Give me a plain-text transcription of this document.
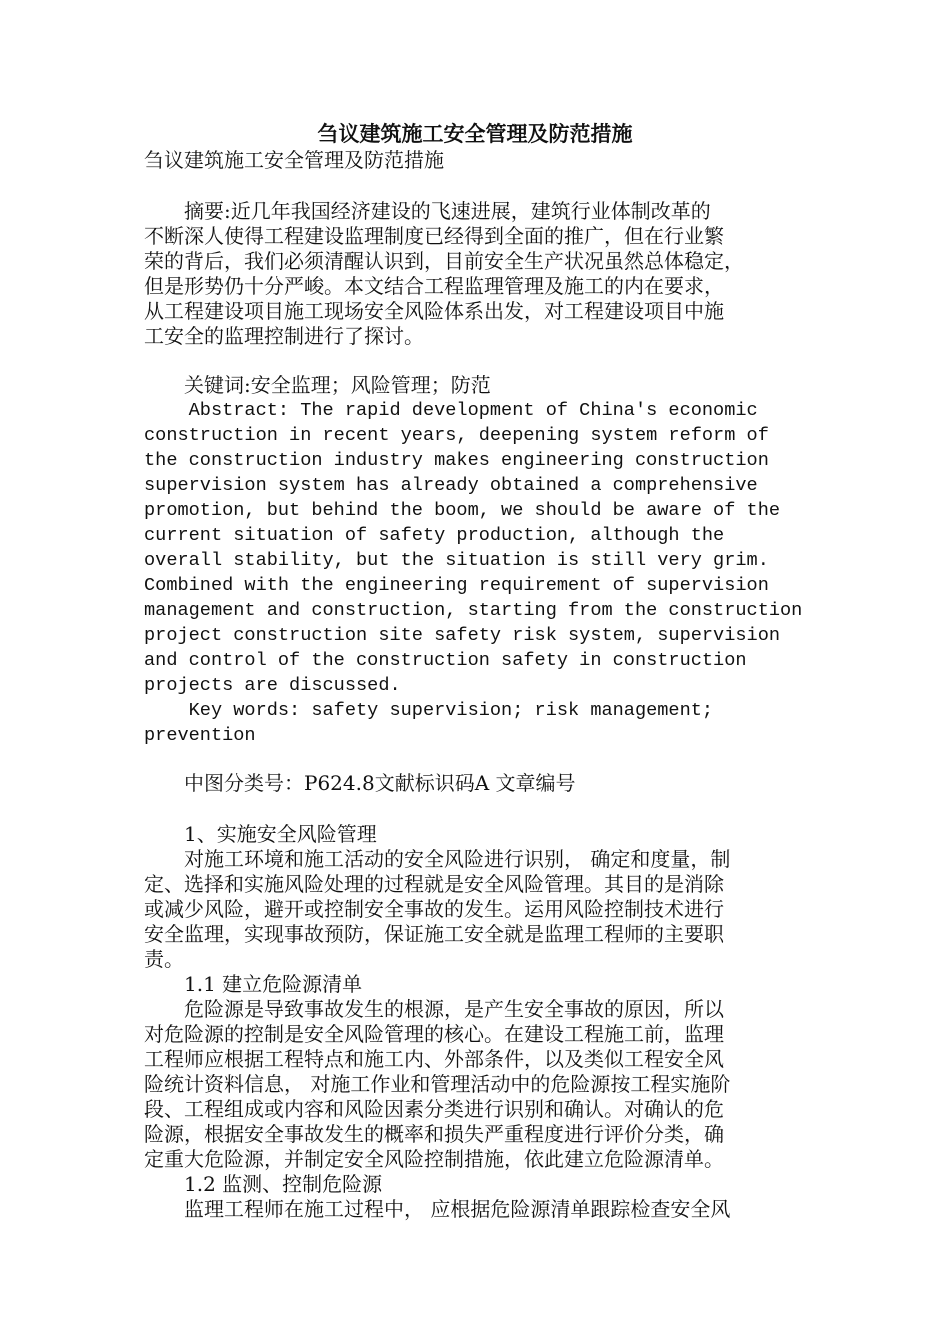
刍议建筑施工安全管理及防范措施
刍议建筑施工安全管理及防范措施
　　摘要:近几年我国经济建设的飞速进展，建筑行业体制改革的
不断深人使得工程建设监理制度已经得到全面的推广，但在行业繁
荣的背后，我们必须清醒认识到，目前安全生产状况虽然总体稳定，
但是形势仍十分严峻。本文结合工程监理管理及施工的内在要求，
从工程建设项目施工现场安全风险体系出发，对工程建设项目中施
工安全的监理控制进行了探讨。
　　关键词:安全监理；风险管理；防范
Abstract: The rapid development of China's economic
construction in recent years, deepening system reform of
the construction industry makes engineering construction
supervision system has already obtained a comprehensive
promotion, but behind the boom, we should be aware of the
current situation of safety production, although the
overall stability, but the situation is still very grim.
Combined with the engineering requirement of supervision
management and construction, starting from the construction
project construction site safety risk system, supervision
and control of the construction safety in construction
projects are discussed.
Key words: safety supervision; risk management;
prevention
　　中图分类号：P624.8文献标识码A 文章编号
　　1、实施安全风险管理
　　对施工环境和施工活动的安全风险进行识别， 确定和度量，制
定、选择和实施风险处理的过程就是安全风险管理。其目的是消除
或减少风险，避开或控制安全事故的发生。运用风险控制技术进行
安全监理，实现事故预防，保证施工安全就是监理工程师的主要职
责。
　　1.1 建立危险源清单
　　危险源是导致事故发生的根源，是产生安全事故的原因，所以
对危险源的控制是安全风险管理的核心。在建设工程施工前，监理
工程师应根据工程特点和施工内、外部条件，以及类似工程安全风
险统计资料信息， 对施工作业和管理活动中的危险源按工程实施阶
段、工程组成或内容和风险因素分类进行识别和确认。对确认的危
险源，根据安全事故发生的概率和损失严重程度进行评价分类，确
定重大危险源，并制定安全风险控制措施，依此建立危险源清单。
　　1.2 监测、控制危险源
　　监理工程师在施工过程中， 应根据危险源清单跟踪检查安全风
